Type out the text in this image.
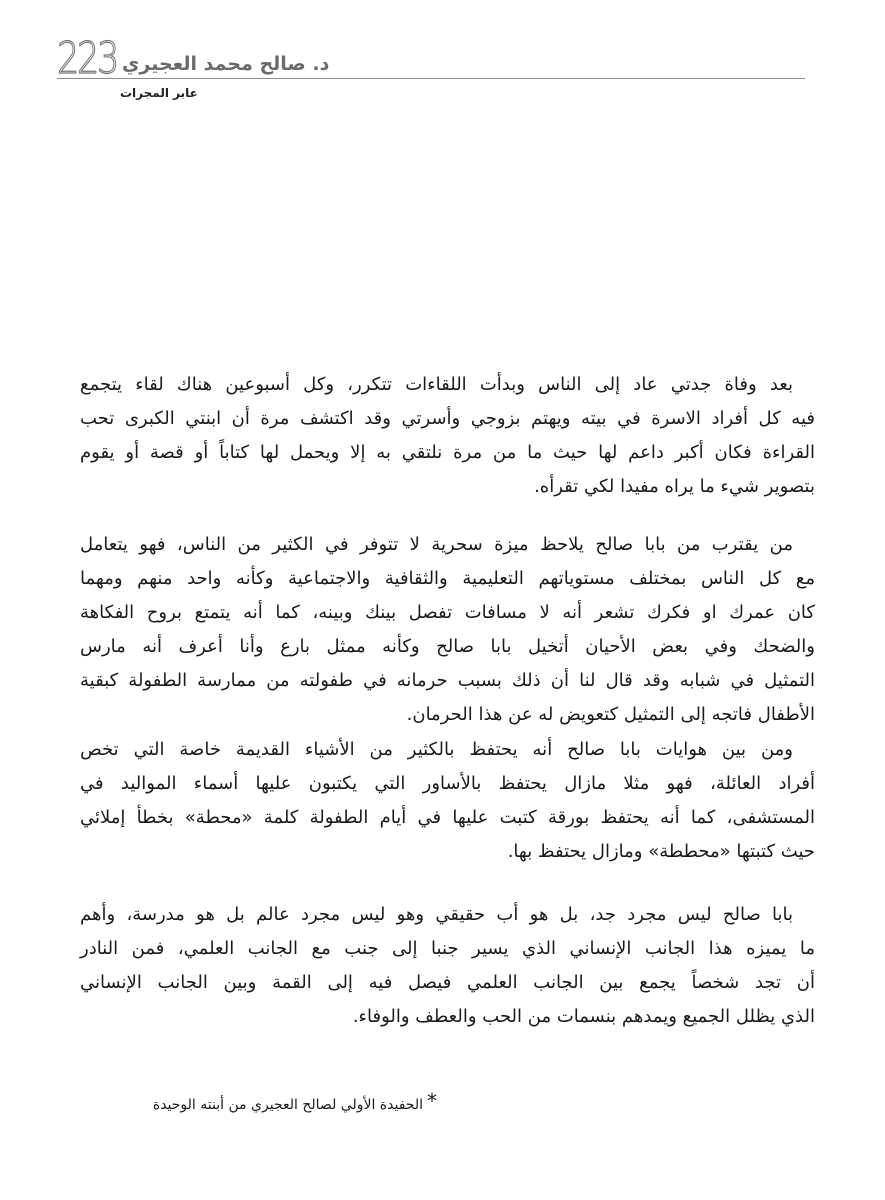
223 د. صالح محمد العجيري
عابر المجرات
بعد وفاة جدتي عاد إلى الناس وبدأت اللقاءات تتكرر، وكل أسبوعين هناك لقاء يتجمع
فيه كل أفراد الاسرة في بيته ويهتم بزوجي وأسرتي وقد اكتشف مرة أن ابنتي الكبرى تحب
القراءة فكان أكبر داعم لها حيث ما من مرة نلتقي به إلا ويحمل لها كتاباً أو قصة أو يقوم
بتصوير شيء ما يراه مفيدا لكي تقرأه.
من يقترب من بابا صالح يلاحظ ميزة سحرية لا تتوفر في الكثير من الناس، فهو يتعامل
مع كل الناس بمختلف مستوياتهم التعليمية والثقافية والاجتماعية وكأنه واحد منهم ومهما
كان عمرك او فكرك تشعر أنه لا مسافات تفصل بينك وبينه، كما أنه يتمتع بروح الفكاهة
والضحك وفي بعض الأحيان أتخيل بابا صالح وكأنه ممثل بارع وأنا أعرف أنه مارس
التمثيل في شبابه وقد قال لنا أن ذلك بسبب حرمانه في طفولته من ممارسة الطفولة كبقية
الأطفال فاتجه إلى التمثيل كتعويض له عن هذا الحرمان.
ومن بين هوايات بابا صالح أنه يحتفظ بالكثير من الأشياء القديمة خاصة التي تخص
أفراد العائلة، فهو مثلا مازال يحتفظ بالأساور التي يكتبون عليها أسماء المواليد في
المستشفى، كما أنه يحتفظ بورقة كتبت عليها في أيام الطفولة كلمة «محطة» بخطأ إملائي
حيث كتبتها «محططة» ومازال يحتفظ بها.
بابا صالح ليس مجرد جد، بل هو أب حقيقي وهو ليس مجرد عالم بل هو مدرسة، وأهم
ما يميزه هذا الجانب الإنساني الذي يسير جنبا إلى جنب مع الجانب العلمي، فمن النادر
أن تجد شخصاً يجمع بين الجانب العلمي فيصل فيه إلى القمة وبين الجانب الإنساني
الذي يظلل الجميع ويمدهم بنسمات من الحب والعطف والوفاء.
*الحفيدة الأولي لصالح العجيري من أبنته الوحيدة
